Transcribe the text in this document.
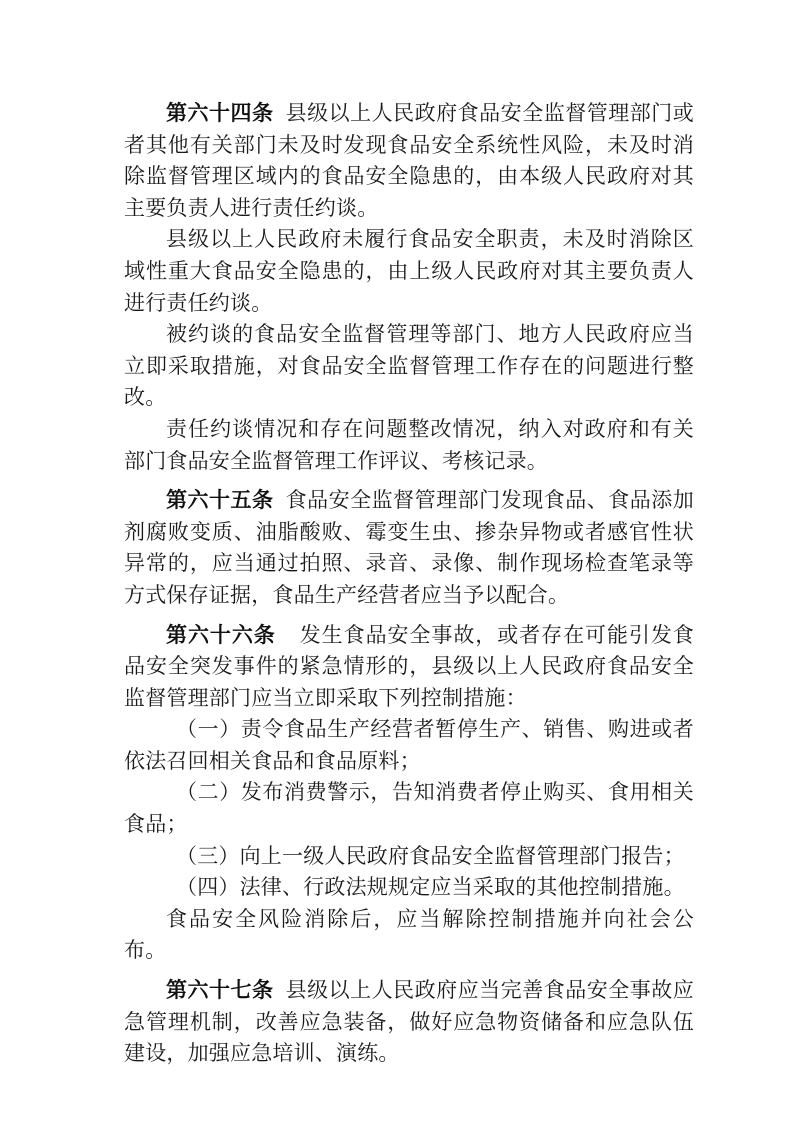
第六十四条 县级以上人民政府食品安全监督管理部门或者其他有关部门未及时发现食品安全系统性风险，未及时消除监督管理区域内的食品安全隐患的，由本级人民政府对其主要负责人进行责任约谈。

县级以上人民政府未履行食品安全职责，未及时消除区域性重大食品安全隐患的，由上级人民政府对其主要负责人进行责任约谈。

被约谈的食品安全监督管理等部门、地方人民政府应当立即采取措施，对食品安全监督管理工作存在的问题进行整改。

责任约谈情况和存在问题整改情况，纳入对政府和有关部门食品安全监督管理工作评议、考核记录。

第六十五条 食品安全监督管理部门发现食品、食品添加剂腐败变质、油脂酸败、霉变生虫、掺杂异物或者感官性状异常的，应当通过拍照、录音、录像、制作现场检查笔录等方式保存证据，食品生产经营者应当予以配合。

第六十六条 发生食品安全事故，或者存在可能引发食品安全突发事件的紧急情形的，县级以上人民政府食品安全监督管理部门应当立即采取下列控制措施：

（一）责令食品生产经营者暂停生产、销售、购进或者依法召回相关食品和食品原料；

（二）发布消费警示，告知消费者停止购买、食用相关食品；

（三）向上一级人民政府食品安全监督管理部门报告；

（四）法律、行政法规规定应当采取的其他控制措施。

食品安全风险消除后，应当解除控制措施并向社会公布。

第六十七条 县级以上人民政府应当完善食品安全事故应急管理机制，改善应急装备，做好应急物资储备和应急队伍建设，加强应急培训、演练。
